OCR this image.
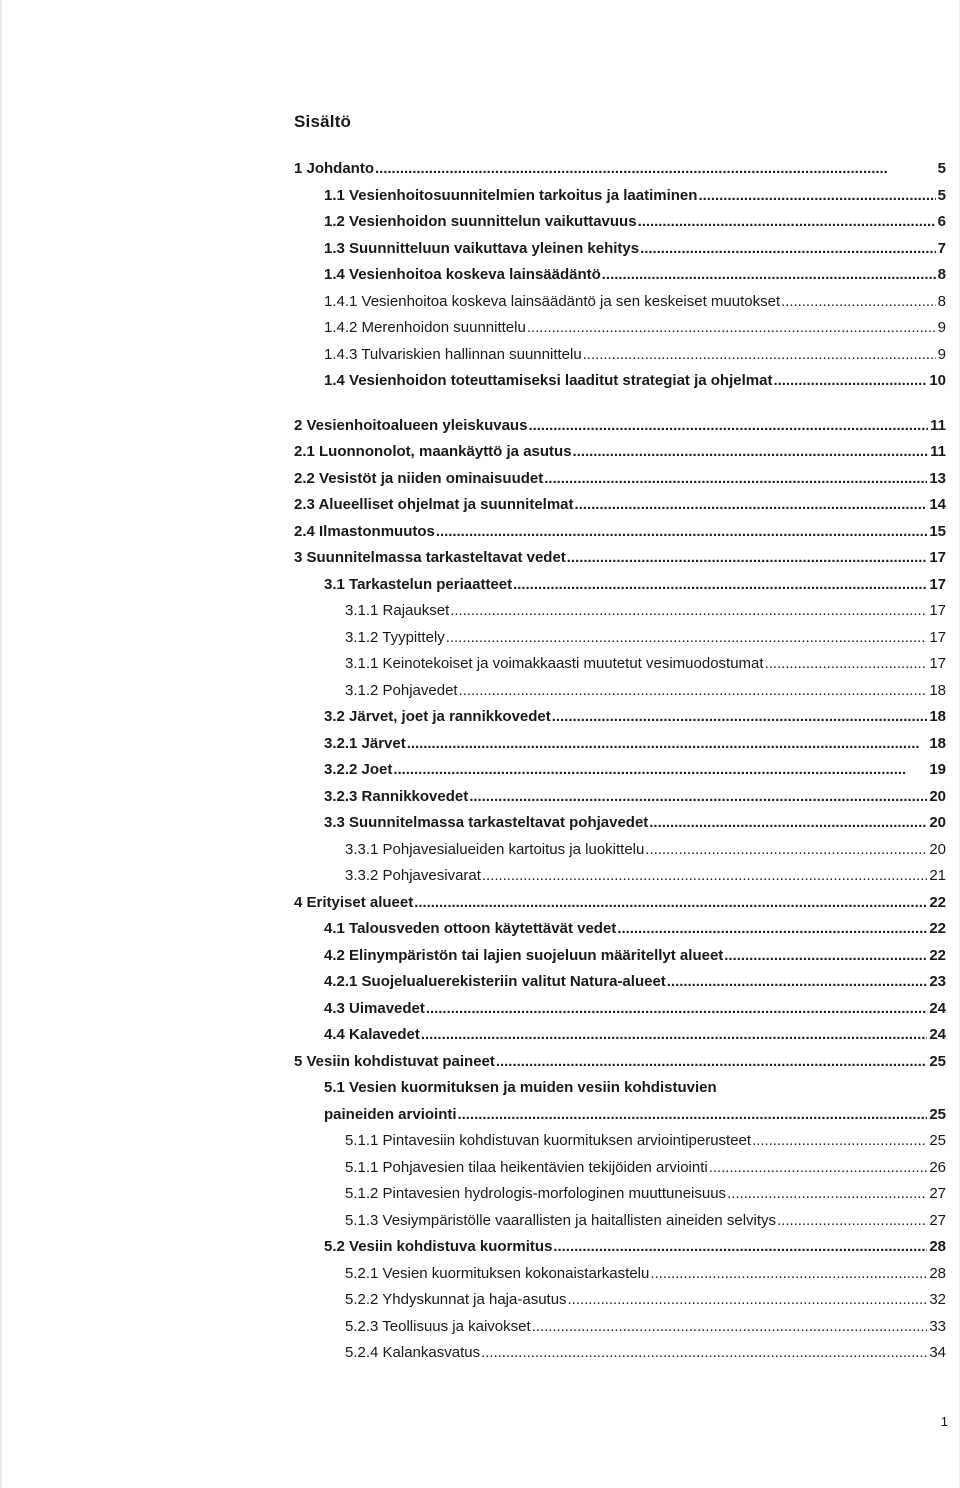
Sisältö
1 Johdanto . . .	5
1.1 Vesienhoitosuunnitelmien tarkoitus ja laatiminen . . .	5
1.2 Vesienhoidon suunnittelun vaikuttavuus . . .	6
1.3 Suunnitteluun vaikuttava yleinen kehitys . . .	7
1.4 Vesienhoitoa koskeva lainsäädäntö . . .	8
1.4.1 Vesienhoitoa koskeva lainsäädäntö ja sen keskeiset muutokset . . .	8
1.4.2 Merenhoidon suunnittelu . . .	9
1.4.3 Tulvariskien hallinnan suunnittelu . . .	9
1.4 Vesienhoidon toteuttamiseksi laaditut strategiat ja ohjelmat . . .	10
2 Vesienhoitoalueen yleiskuvaus . . .	11
2.1 Luonnonolot, maankäyttö ja asutus . . .	11
2.2 Vesistöt ja niiden ominaisuudet . . .	13
2.3 Alueelliset ohjelmat ja suunnitelmat . . .	14
2.4 Ilmastonmuutos . . .	15
3 Suunnitelmassa tarkasteltavat vedet . . .	17
3.1 Tarkastelun periaatteet . . .	17
3.1.1 Rajaukset . . .	17
3.1.2 Tyypittely . . .	17
3.1.1 Keinotekoiset ja voimakkaasti muutetut vesimuodostumat . . .	17
3.1.2 Pohjavedet . . .	18
3.2 Järvet, joet ja rannikkovedet . . .	18
3.2.1 Järvet . . .	18
3.2.2 Joet . . .	19
3.2.3 Rannikkovedet . . .	20
3.3 Suunnitelmassa tarkasteltavat pohjavedet . . .	20
3.3.1 Pohjavesialueiden kartoitus ja luokittelu . . .	20
3.3.2 Pohjavesivarat . . .	21
4 Erityiset alueet . . .	22
4.1 Talousveden ottoon käytettävät vedet . . .	22
4.2 Elinympäristön tai lajien suojeluun määritellyt alueet . . .	22
4.2.1 Suojelualuerekisteriin valitut Natura-alueet . . .	23
4.3 Uimavedet . . .	24
4.4 Kalavedet . . .	24
5 Vesiin kohdistuvat paineet . . .	25
5.1 Vesien kuormituksen ja muiden vesiin kohdistuvien
paineiden arviointi . . .	25
5.1.1 Pintavesiin kohdistuvan kuormituksen arviointiperusteet . . .	25
5.1.1 Pohjavesien tilaa heikentävien tekijöiden arviointi . . .	26
5.1.2 Pintavesien hydrologis-morfologinen muuttuneisuus . . .	27
5.1.3 Vesiympäristölle vaarallisten ja haitallisten aineiden selvitys . . .	27
5.2 Vesiin kohdistuva kuormitus . . .	28
5.2.1 Vesien kuormituksen kokonaistarkastelu . . .	28
5.2.2 Yhdyskunnat ja haja-asutus . . .	32
5.2.3 Teollisuus ja kaivokset . . .	33
5.2.4 Kalankasvatus . . .	34
1
